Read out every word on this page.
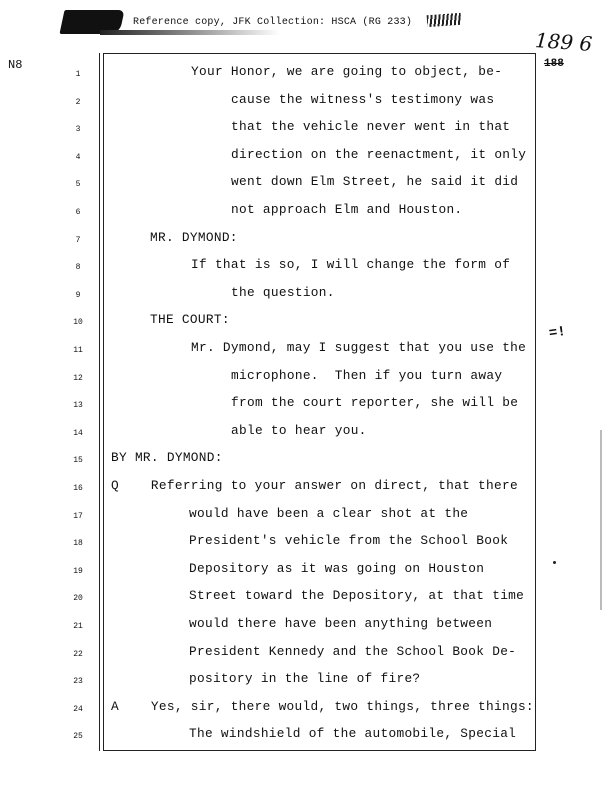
Reference copy, JFK Collection: HSCA (RG 233)
189 6
188
N8
=!
1	Your Honor, we are going to object, be-
2	cause the witness's testimony was
3	that the vehicle never went in that
4	direction on the reenactment, it only
5	went down Elm Street, he said it did
6	not approach Elm and Houston.
7	MR. DYMOND:
8	If that is so, I will change the form of
9	the question.
10	THE COURT:
11	Mr. Dymond, may I suggest that you use the
12	microphone.  Then if you turn away
13	from the court reporter, she will be
14	able to hear you.
15	BY MR. DYMOND:
16	Q    Referring to your answer on direct, that there
17	would have been a clear shot at the
18	President's vehicle from the School Book
19	Depository as it was going on Houston
20	Street toward the Depository, at that time
21	would there have been anything between
22	President Kennedy and the School Book De-
23	pository in the line of fire?
24	A    Yes, sir, there would, two things, three things:
25	The windshield of the automobile, Special
